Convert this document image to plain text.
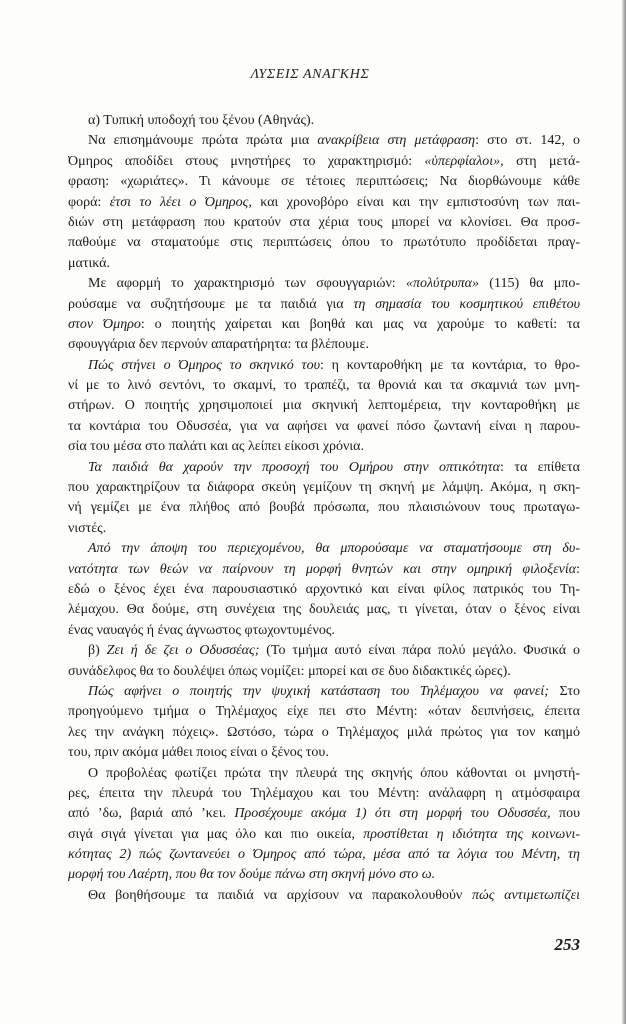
ΛΥΣΕΙΣ ΑΝΑΓΚΗΣ
α) Τυπική υποδοχή του ξένου (Αθηνάς).
Να επισημάνουμε πρώτα πρώτα μια ανακρίβεια στη μετάφραση: στο στ. 142, ο
Όμηρος αποδίδει στους μνηστήρες το χαρακτηρισμό: «ὑπερφίαλοι», στη μετά-
φραση: «χωριάτες». Τι κάνουμε σε τέτοιες περιπτώσεις; Να διορθώνουμε κάθε
φορά: έτσι το λέει ο Όμηρος, και χρονοβόρο είναι και την εμπιστοσύνη των παι-
διών στη μετάφραση που κρατούν στα χέρια τους μπορεί να κλονίσει. Θα προσ-
παθούμε να σταματούμε στις περιπτώσεις όπου το πρωτότυπο προδίδεται πραγ-
ματικά.
Με αφορμή το χαρακτηρισμό των σφουγγαριών: «πολύτρυπα» (115) θα μπο-
ρούσαμε να συζητήσουμε με τα παιδιά για τη σημασία του κοσμητικού επιθέτου
στον Όμηρο: ο ποιητής χαίρεται και βοηθά και μας να χαρούμε το καθετί: τα
σφουγγάρια δεν περνούν απαρατήρητα: τα βλέπουμε.
Πώς στήνει ο Όμηρος το σκηνικό του: η κονταροθήκη με τα κοντάρια, το θρο-
νί με το λινό σεντόνι, το σκαμνί, το τραπέζι, τα θρονιά και τα σκαμνιά των μνη-
στήρων. Ο ποιητής χρησιμοποιεί μια σκηνική λεπτομέρεια, την κονταροθήκη με
τα κοντάρια του Οδυσσέα, για να αφήσει να φανεί πόσο ζωντανή είναι η παρου-
σία του μέσα στο παλάτι και ας λείπει είκοσι χρόνια.
Τα παιδιά θα χαρούν την προσοχή του Ομήρου στην οπτικότητα: τα επίθετα
που χαρακτηρίζουν τα διάφορα σκεύη γεμίζουν τη σκηνή με λάμψη. Ακόμα, η σκη-
νή γεμίζει με ένα πλήθος από βουβά πρόσωπα, που πλαισιώνουν τους πρωταγω-
νιστές.
Από την άποψη του περιεχομένου, θα μπορούσαμε να σταματήσουμε στη δυ-
νατότητα των θεών να παίρνουν τη μορφή θνητών και στην ομηρική φιλοξενία:
εδώ ο ξένος έχει ένα παρουσιαστικό αρχοντικό και είναι φίλος πατρικός του Τη-
λέμαχου. Θα δούμε, στη συνέχεια της δουλειάς μας, τι γίνεται, όταν ο ξένος είναι
ένας ναυαγός ή ένας άγνωστος φτωχοντυμένος.
β) Ζει ή δε ζει ο Οδυσσέας; (Το τμήμα αυτό είναι πάρα πολύ μεγάλο. Φυσικά ο
συνάδελφος θα το δουλέψει όπως νομίζει: μπορεί και σε δυο διδακτικές ώρες).
Πώς αφήνει ο ποιητής την ψυχική κατάσταση του Τηλέμαχου να φανεί; Στο
προηγούμενο τμήμα ο Τηλέμαχος είχε πει στο Μέντη: «όταν δειπνήσεις, έπειτα
λες την ανάγκη πόχεις». Ωστόσο, τώρα ο Τηλέμαχος μιλά πρώτος για τον καημό
του, πριν ακόμα μάθει ποιος είναι ο ξένος του.
Ο προβολέας φωτίζει πρώτα την πλευρά της σκηνής όπου κάθονται οι μνηστή-
ρες, έπειτα την πλευρά του Τηλέμαχου και του Μέντη: ανάλαφρη η ατμόσφαιρα
από ’δω, βαριά από ’κει. Προσέχουμε ακόμα 1) ότι στη μορφή του Οδυσσέα, που
σιγά σιγά γίνεται για μας όλο και πιο οικεία, προστίθεται η ιδιότητα της κοινωνι-
κότητας 2) πώς ζωντανεύει ο Όμηρος από τώρα, μέσα από τα λόγια του Μέντη, τη
μορφή του Λαέρτη, που θα τον δούμε πάνω στη σκηνή μόνο στο ω.
Θα βοηθήσουμε τα παιδιά να αρχίσουν να παρακολουθούν πώς αντιμετωπίζει
253
